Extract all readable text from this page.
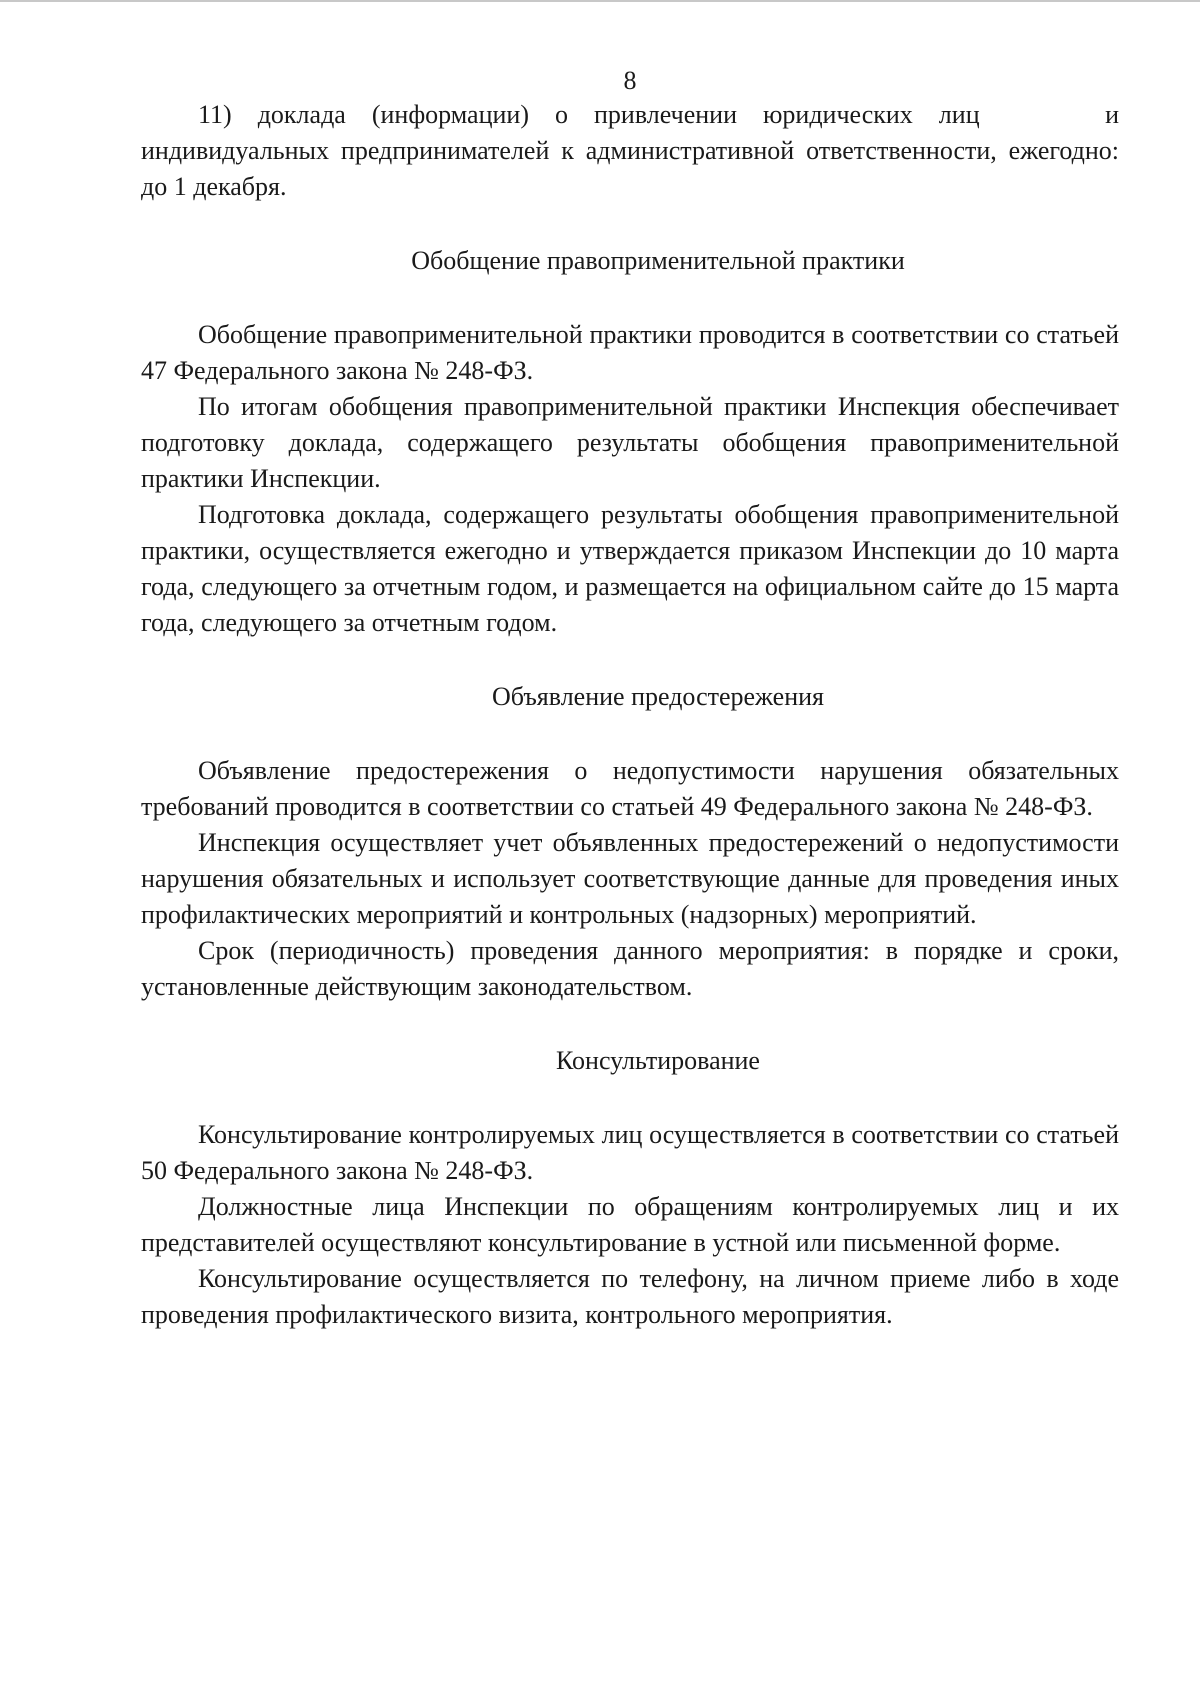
8

11) доклада (информации) о привлечении юридических лиц и индивидуальных предпринимателей к административной ответственности, ежегодно: до 1 декабря.

Обобщение правоприменительной практики

Обобщение правоприменительной практики проводится в соответствии со статьей 47 Федерального закона № 248-ФЗ.

По итогам обобщения правоприменительной практики Инспекция обеспечивает подготовку доклада, содержащего результаты обобщения правоприменительной практики Инспекции.

Подготовка доклада, содержащего результаты обобщения правоприменительной практики, осуществляется ежегодно и утверждается приказом Инспекции до 10 марта года, следующего за отчетным годом, и размещается на официальном сайте до 15 марта года, следующего за отчетным годом.

Объявление предостережения

Объявление предостережения о недопустимости нарушения обязательных требований проводится в соответствии со статьей 49 Федерального закона № 248-ФЗ.

Инспекция осуществляет учет объявленных предостережений о недопустимости нарушения обязательных и использует соответствующие данные для проведения иных профилактических мероприятий и контрольных (надзорных) мероприятий.

Срок (периодичность) проведения данного мероприятия: в порядке и сроки, установленные действующим законодательством.

Консультирование

Консультирование контролируемых лиц осуществляется в соответствии со статьей 50 Федерального закона № 248-ФЗ.

Должностные лица Инспекции по обращениям контролируемых лиц и их представителей осуществляют консультирование в устной или письменной форме.

Консультирование осуществляется по телефону, на личном приеме либо в ходе проведения профилактического визита, контрольного мероприятия.
